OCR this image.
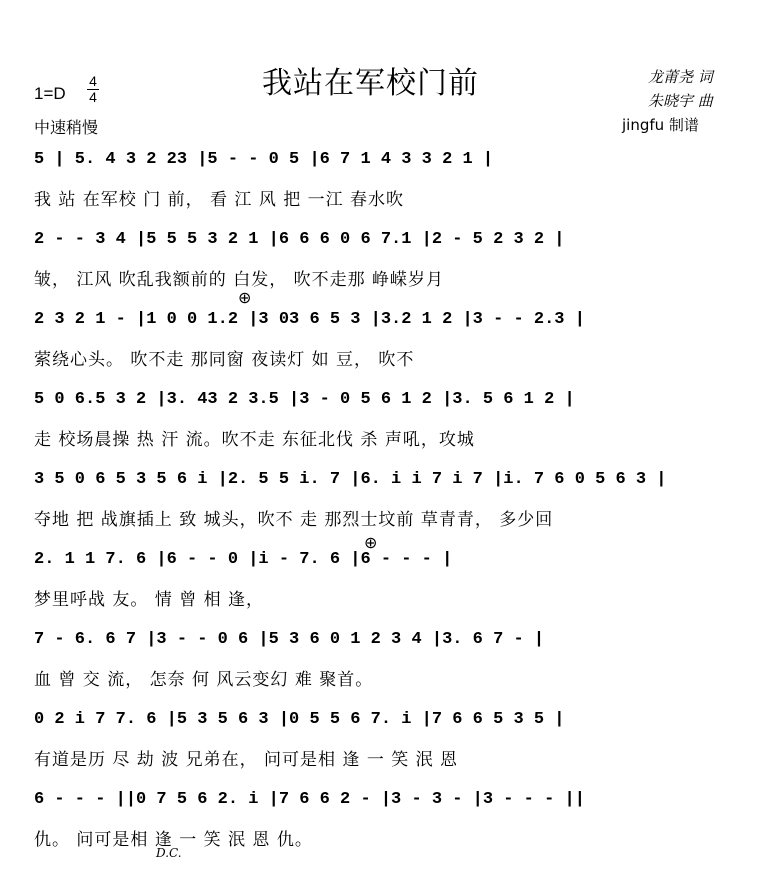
我站在军校门前
1=D
4
4
中速稍慢
龙莆尧 词
朱晓宇 曲
jingfu 制谱
5 | 5. 4 3 2 23 |5 - - 0 5 |6 7 1 4 3 3 2 1 |
我 站 在军校 门 前， 看 江 风 把 一江 春水吹
2 - - 3 4 |5 5 5 3 2 1 |6 6 6 0 6 7.1 |2 - 5 2 3 2 |
皱， 江风 吹乱我额前的 白发， 吹不走那 峥嵘岁月
2 3 2 1 - |1 0 0 1.2 |3 03 6 5 3 |3.2 1 2 |3 - - 2.3 |
萦绕心头。 吹不走 那同窗 夜读灯 如 豆， 吹不
5 0 6.5 3 2 |3. 43 2 3.5 |3 - 0 5 6 1 2 |3. 5 6 1 2 |
走 校场晨操 热 汗 流。吹不走 东征北伐 杀 声吼，攻城
3 5 0 6 5 3 5 6 i |2. 5 5 i. 7 |6. i i 7 i 7 |i. 7 6 0 5 6 3 |
夺地 把 战旗插上 致 城头，吹不 走 那烈士坟前 草青青， 多少回
2. 1 1 7. 6 |6 - - 0 |i - 7. 6 |6 - - - |
梦里呼战 友。 情 曾 相 逢，
7 - 6. 6 7 |3 - - 0 6 |5 3 6 0 1 2 3 4 |3. 6 7 - |
血 曾 交 流， 怎奈 何 风云变幻 难 聚首。
0 2 i 7 7. 6 |5 3 5 6 3 |0 5 5 6 7. i |7 6 6 5 3 5 |
有道是历 尽 劫 波 兄弟在， 问可是相 逢 一 笑 泯 恩
6 - - - ||0 7 5 6 2. i |7 6 6 2 - |3 - 3 - |3 - - - ||
仇。 问可是相 逢 一 笑 泯 恩 仇。
D.C.
⊕
⊕
